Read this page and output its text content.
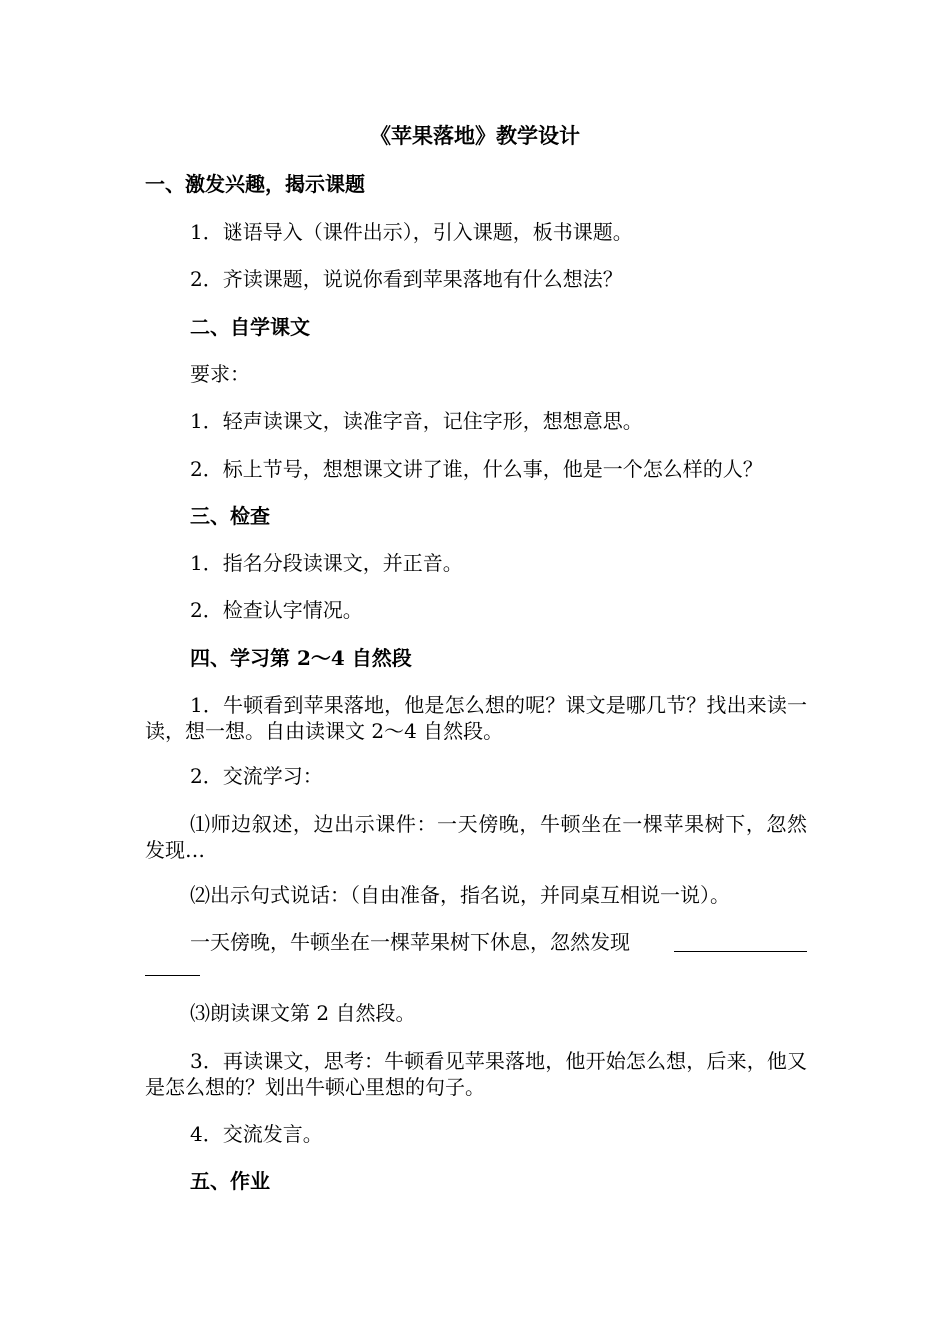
《苹果落地》教学设计

一、激发兴趣，揭示课题

1．谜语导入（课件出示），引入课题，板书课题。

2．齐读课题，说说你看到苹果落地有什么想法？

二、自学课文

要求：

1．轻声读课文，读准字音，记住字形，想想意思。

2．标上节号，想想课文讲了谁，什么事，他是一个怎么样的人？

三、检查

1．指名分段读课文，并正音。

2．检查认字情况。

四、学习第 2～4 自然段

1．牛顿看到苹果落地，他是怎么想的呢？课文是哪几节？找出来读一读，想一想。自由读课文 2～4 自然段。

2．交流学习：

⑴师边叙述，边出示课件：一天傍晚，牛顿坐在一棵苹果树下，忽然发现…

⑵出示句式说话：（自由准备，指名说，并同桌互相说一说）。

一天傍晚，牛顿坐在一棵苹果树下休息，忽然发现

⑶朗读课文第 2 自然段。

3．再读课文，思考：牛顿看见苹果落地，他开始怎么想，后来，他又是怎么想的？划出牛顿心里想的句子。

4．交流发言。

五、作业
